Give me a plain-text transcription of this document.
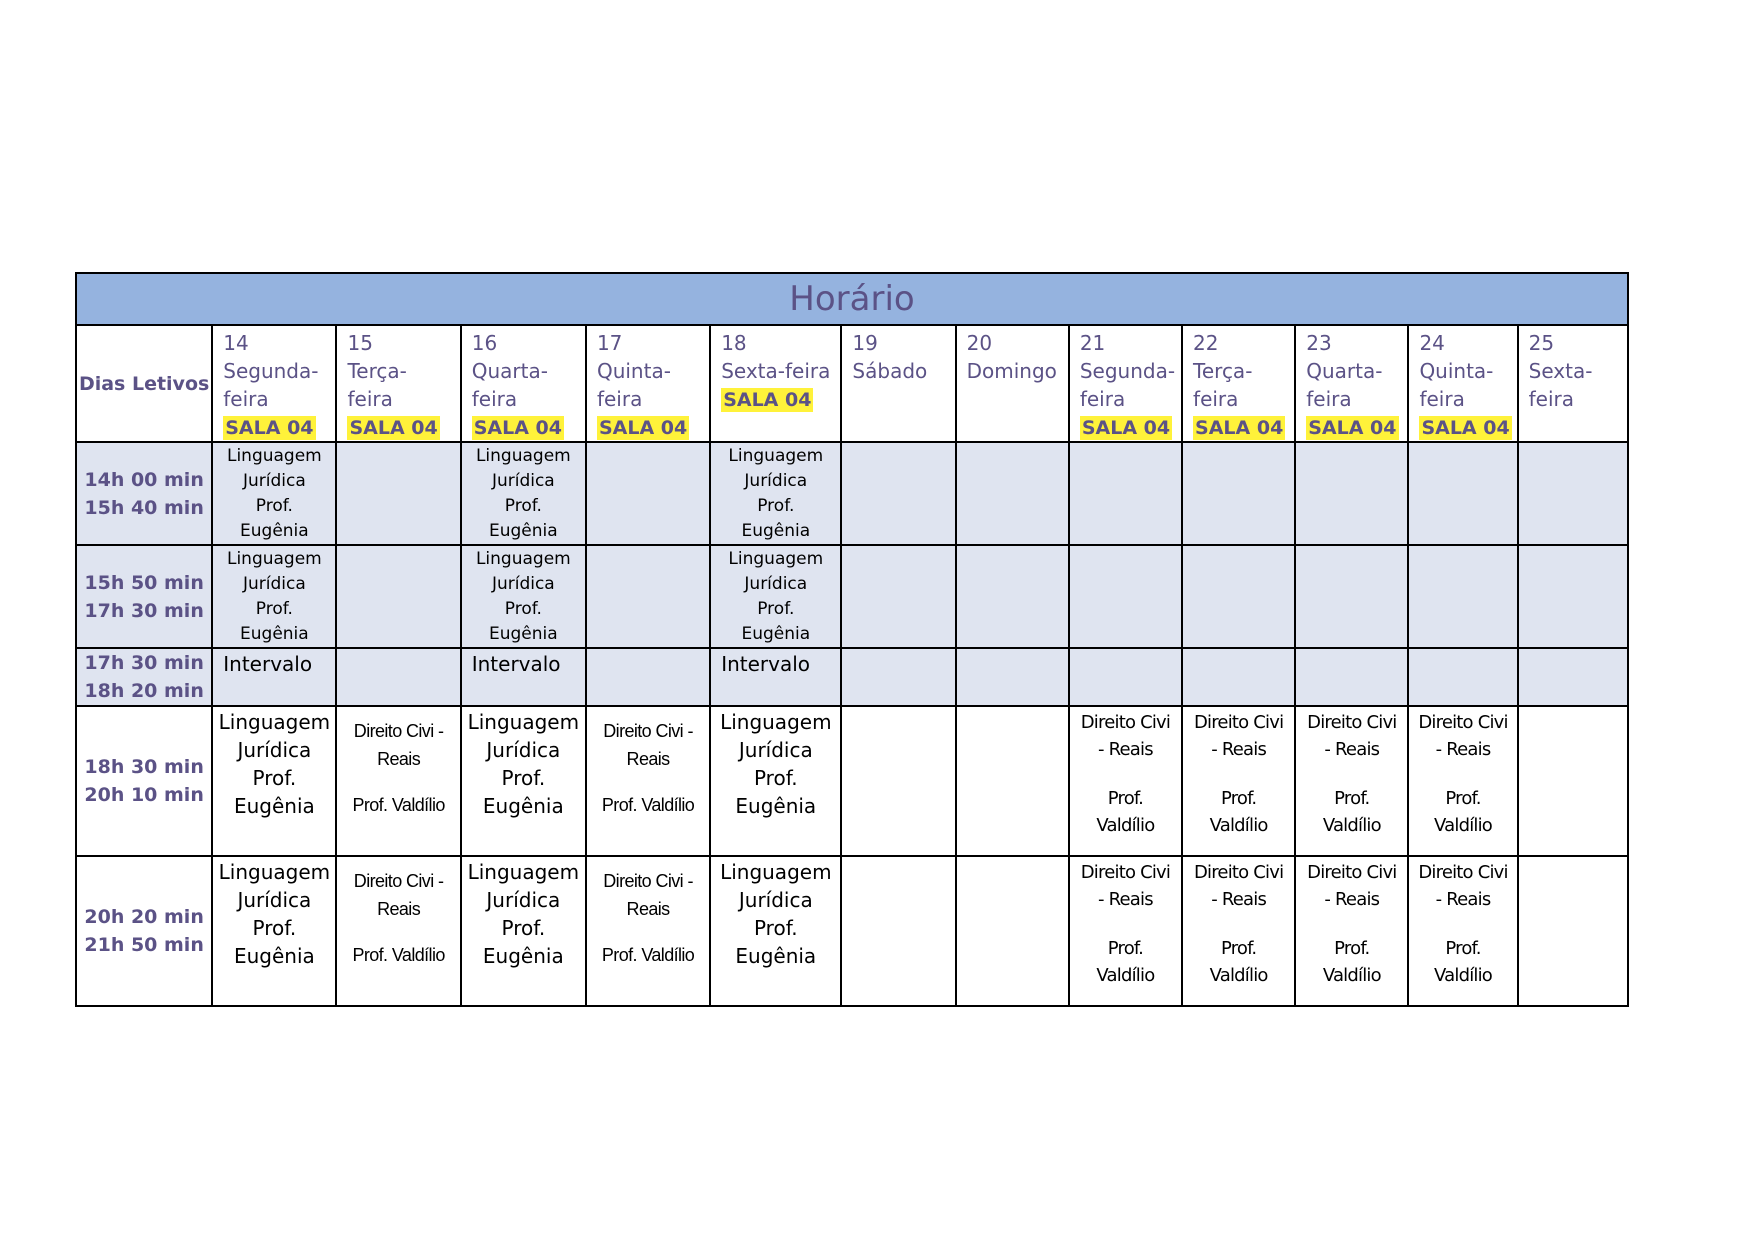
Horário												
Dias Letivos	14
Segunda-
feira
SALA 04	15
Terça-
feira
SALA 04	16
Quarta-
feira
SALA 04	17
Quinta-
feira
SALA 04	18
Sexta-feira
SALA 04	19
Sábado	20
Domingo	21
Segunda-
feira
SALA 04	22
Terça-
feira
SALA 04	23
Quarta-
feira
SALA 04	24
Quinta-
feira
SALA 04	25
Sexta-
feira

14h 00 min
15h 40 min	Linguagem
Jurídica
Prof.
Eugênia		Linguagem
Jurídica
Prof.
Eugênia		Linguagem
Jurídica
Prof.
Eugênia							

15h 50 min
17h 30 min	Linguagem
Jurídica
Prof.
Eugênia		Linguagem
Jurídica
Prof.
Eugênia		Linguagem
Jurídica
Prof.
Eugênia							

17h 30 min
18h 20 min	Intervalo		Intervalo		Intervalo							

18h 30 min
20h 10 min	Linguagem
Jurídica
Prof.
Eugênia	Direito Civi -
Reais
Prof. Valdílio	Linguagem
Jurídica
Prof.
Eugênia	Direito Civi -
Reais
Prof. Valdílio	Linguagem
Jurídica
Prof.
Eugênia			Direito Civi
- Reais
Prof.
Valdílio	Direito Civi
- Reais
Prof.
Valdílio	Direito Civi
- Reais
Prof.
Valdílio	Direito Civi
- Reais
Prof.
Valdílio	

20h 20 min
21h 50 min	Linguagem
Jurídica
Prof.
Eugênia	Direito Civi -
Reais
Prof. Valdílio	Linguagem
Jurídica
Prof.
Eugênia	Direito Civi -
Reais
Prof. Valdílio	Linguagem
Jurídica
Prof.
Eugênia			Direito Civi
- Reais
Prof.
Valdílio	Direito Civi
- Reais
Prof.
Valdílio	Direito Civi
- Reais
Prof.
Valdílio	Direito Civi
- Reais
Prof.
Valdílio	
